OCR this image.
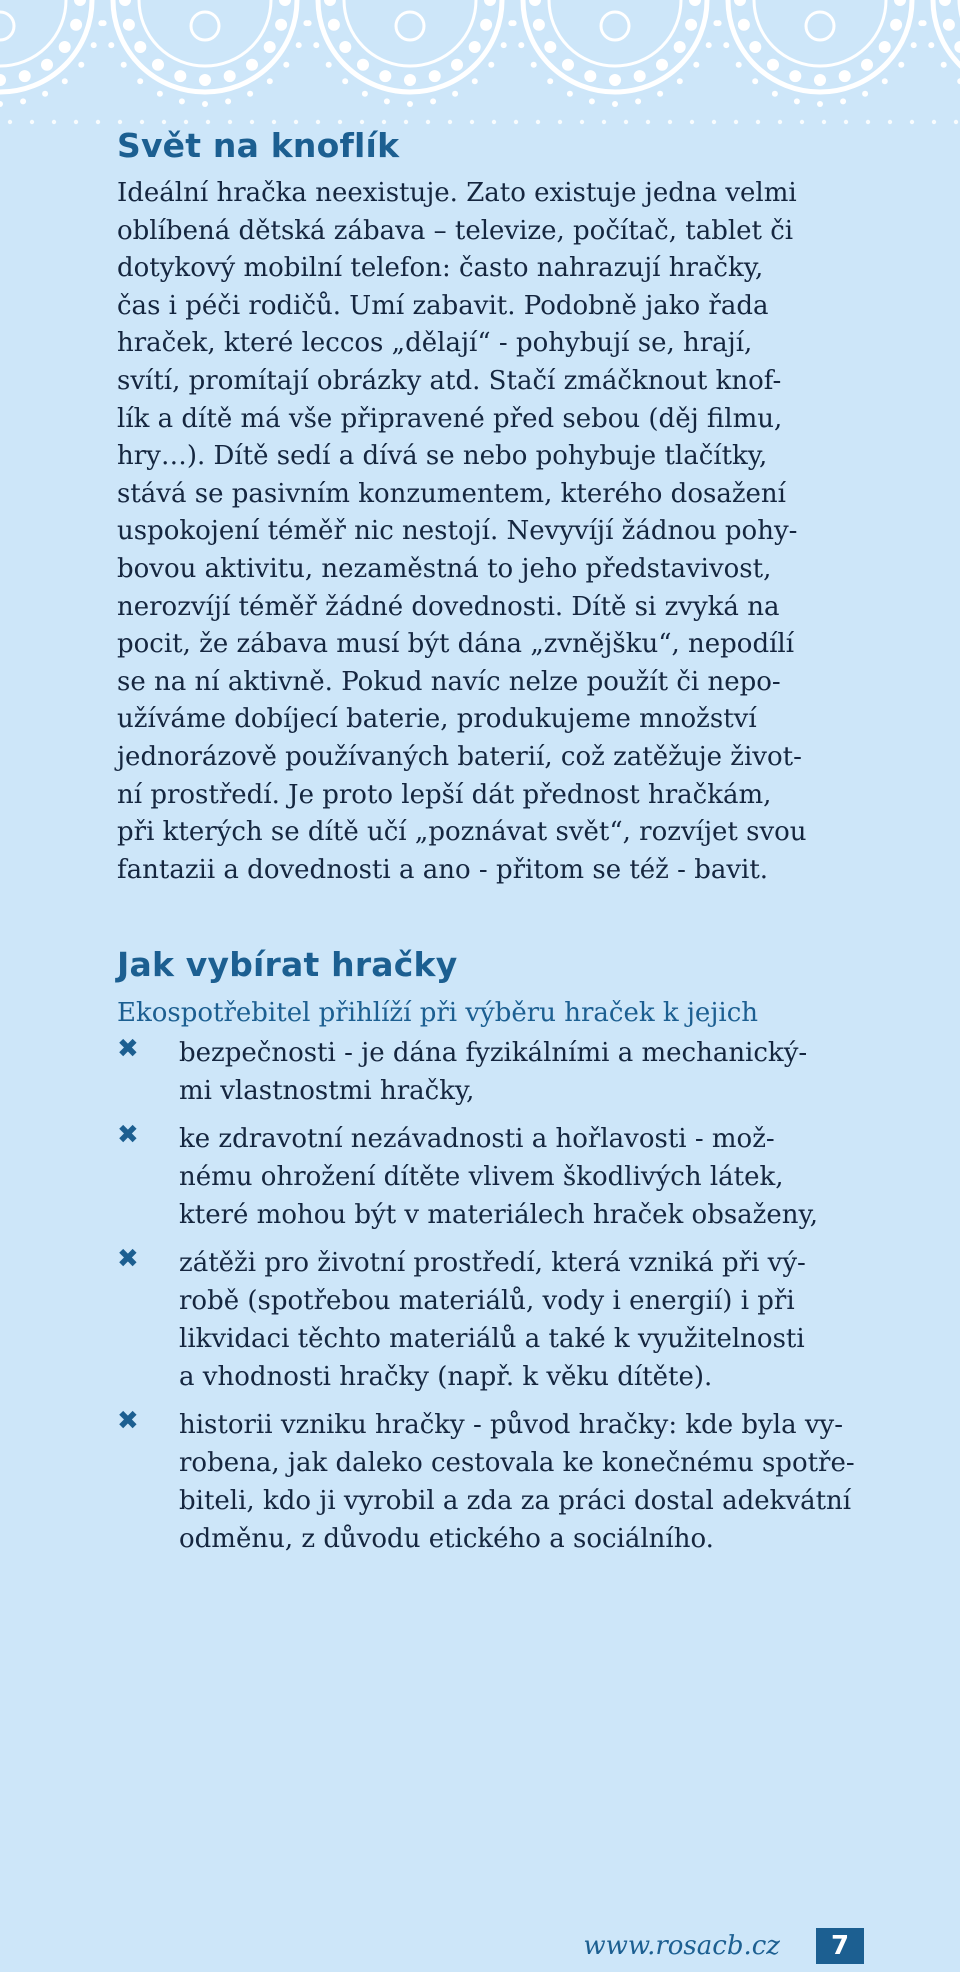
Svět na knoflík

Ideální hračka neexistuje. Zato existuje jedna velmi

oblíbená dětská zábava – televize, počítač, tablet či

dotykový mobilní telefon: často nahrazují hračky,

čas i péči rodičů. Umí zabavit. Podobně jako řada

hraček, které leccos „dělají“ - pohybují se, hrají,

svítí, promítají obrázky atd. Stačí zmáčknout knof-

lík a dítě má vše připravené před sebou (děj filmu,

hry…). Dítě sedí a dívá se nebo pohybuje tlačítky,

stává se pasivním konzumentem, kterého dosažení

uspokojení téměř nic nestojí. Nevyvíjí žádnou pohy-

bovou aktivitu, nezaměstná to jeho představivost,

nerozvíjí téměř žádné dovednosti. Dítě si zvyká na

pocit, že zábava musí být dána „zvnějšku“, nepodílí

se na ní aktivně. Pokud navíc nelze použít či nepo-

užíváme dobíjecí baterie, produkujeme množství

jednorázově používaných baterií, což zatěžuje život-

ní prostředí. Je proto lepší dát přednost hračkám,

při kterých se dítě učí „poznávat svět“, rozvíjet svou

fantazii a dovednosti a ano - přitom se též - bavit.

Jak vybírat hračky
Ekospotřebitel přihlíží při výběru hraček k jejich
✖ bezpečnosti - je dána fyzikálními a mechanický-
mi vlastnostmi hračky,
✖ ke zdravotní nezávadnosti a hořlavosti - mož-
nému ohrožení dítěte vlivem škodlivých látek,
které mohou být v materiálech hraček obsaženy,
✖ zátěži pro životní prostředí, která vzniká při vý-
robě (spotřebou materiálů, vody i energií) i při
likvidaci těchto materiálů a také k využitelnosti
a vhodnosti hračky (např. k věku dítěte).
✖ historii vzniku hračky - původ hračky: kde byla vy-
robena, jak daleko cestovala ke konečnému spotře-
biteli, kdo ji vyrobil a zda za práci dostal adekvátní
odměnu, z důvodu etického a sociálního.
www.rosacb.cz	7
